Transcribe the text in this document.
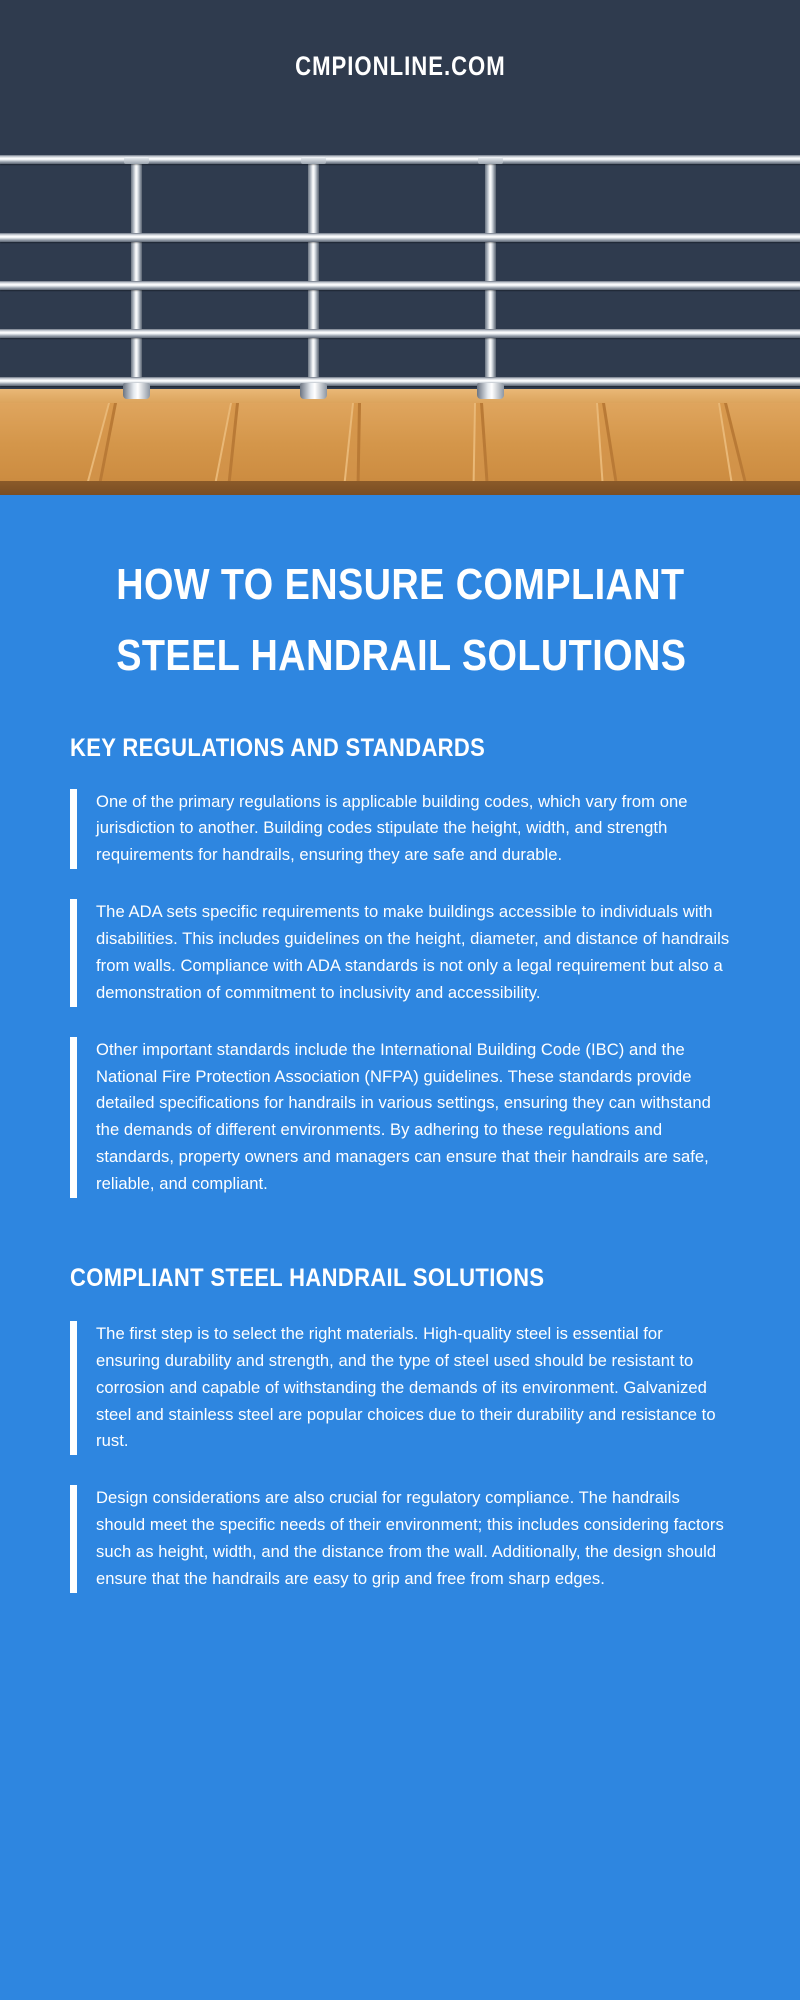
CMPIONLINE.COM
HOW TO ENSURE COMPLIANT
STEEL HANDRAIL SOLUTIONS
KEY REGULATIONS AND STANDARDS

One of the primary regulations is applicable building codes, which vary from one jurisdiction to another. Building codes stipulate the height, width, and strength requirements for handrails, ensuring they are safe and durable.

The ADA sets specific requirements to make buildings accessible to individuals with disabilities. This includes guidelines on the height, diameter, and distance of handrails from walls. Compliance with ADA standards is not only a legal requirement but also a demonstration of commitment to inclusivity and accessibility.

Other important standards include the International Building Code (IBC) and the National Fire Protection Association (NFPA) guidelines. These standards provide detailed specifications for handrails in various settings, ensuring they can withstand the demands of different environments. By adhering to these regulations and standards, property owners and managers can ensure that their handrails are safe, reliable, and compliant.

COMPLIANT STEEL HANDRAIL SOLUTIONS

The first step is to select the right materials. High-quality steel is essential for ensuring durability and strength, and the type of steel used should be resistant to corrosion and capable of withstanding the demands of its environment. Galvanized steel and stainless steel are popular choices due to their durability and resistance to rust.

Design considerations are also crucial for regulatory compliance. The handrails should meet the specific needs of their environment; this includes considering factors such as height, width, and the distance from the wall. Additionally, the design should ensure that the handrails are easy to grip and free from sharp edges.
